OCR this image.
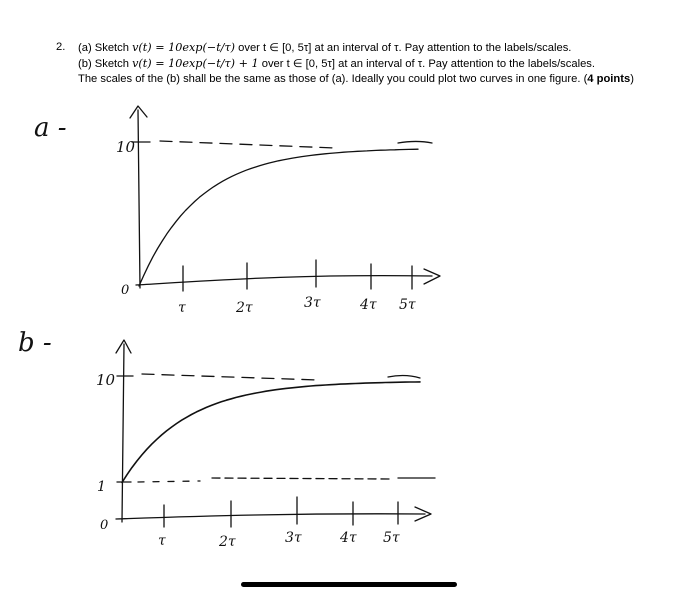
2. (a) Sketch v(t) = 10exp(−t/τ) over t ∈ [0, 5τ] at an interval of τ. Pay attention to the labels/scales.
(b) Sketch v(t) = 10exp(−t/τ) + 1 over t ∈ [0, 5τ] at an interval of τ. Pay attention to the labels/scales.
The scales of the (b) shall be the same as those of (a). Ideally you could plot two curves in one figure. (4 points)
a -
10
0
τ	2τ	3τ	4τ 5τ
b -
10
1
0
τ	2τ	3τ	4τ 5τ
